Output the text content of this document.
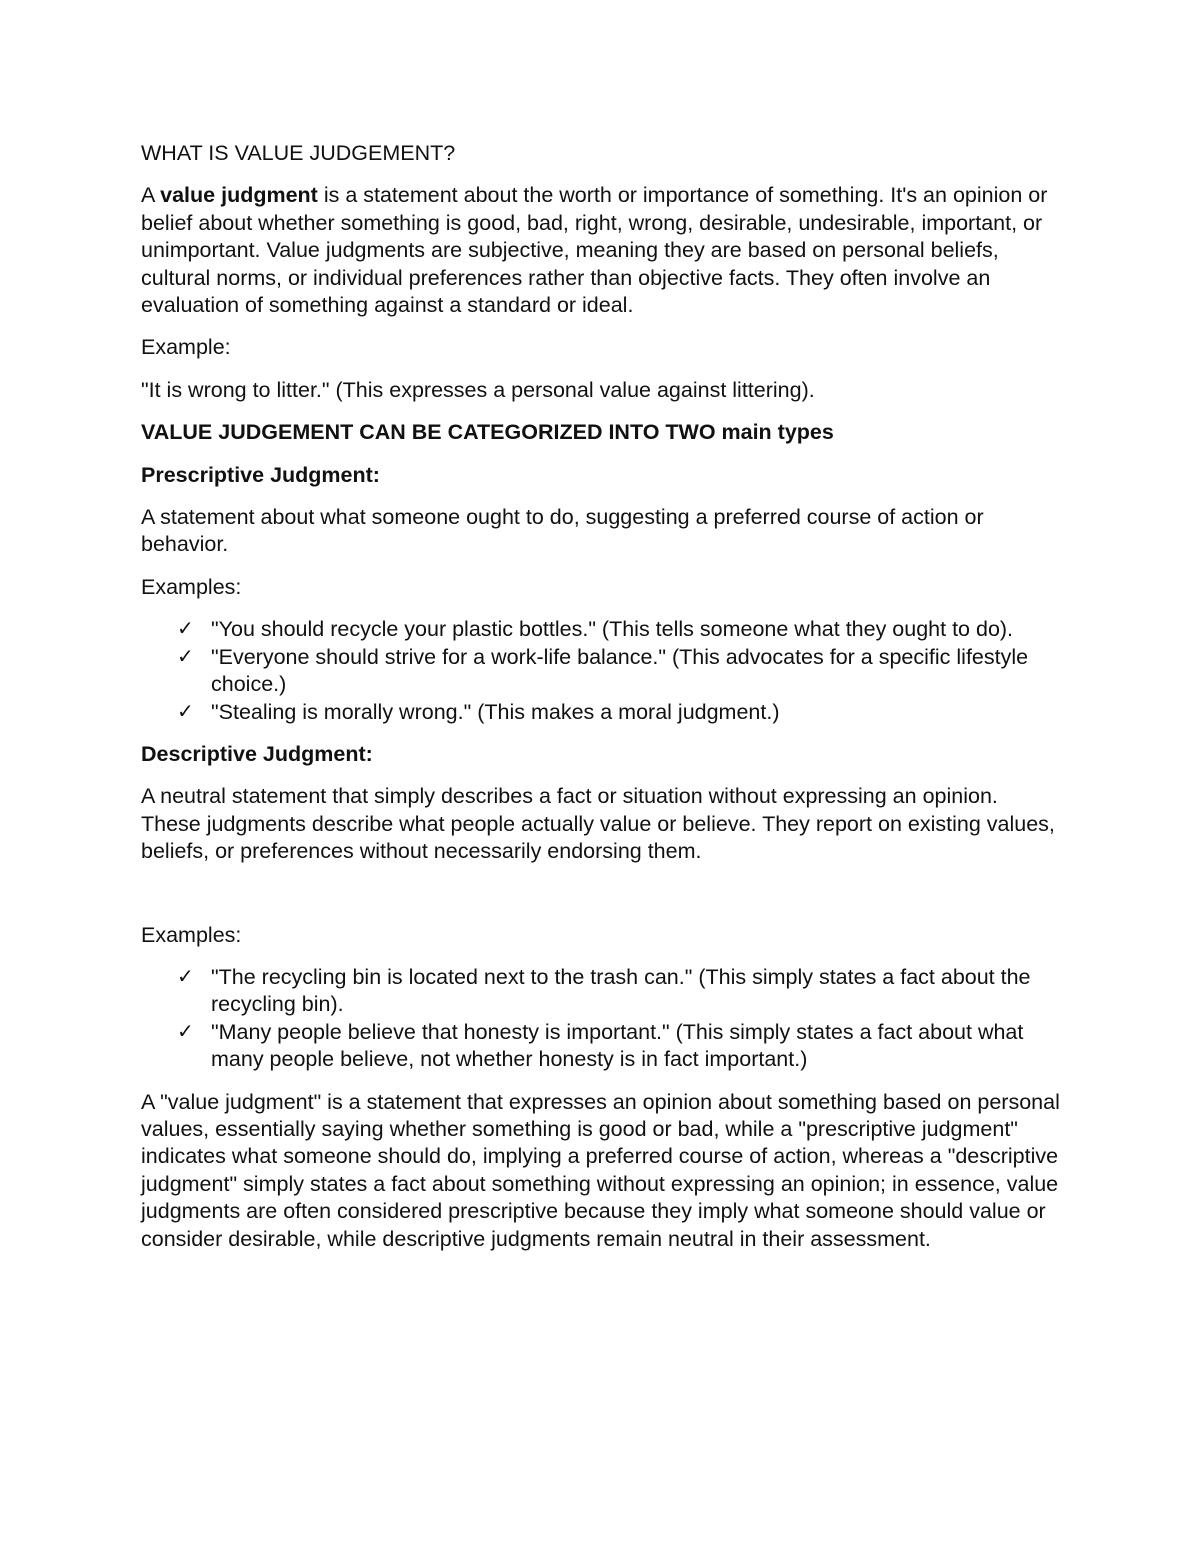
WHAT IS VALUE JUDGEMENT?

A value judgment is a statement about the worth or importance of something. It's an opinion or belief about whether something is good, bad, right, wrong, desirable, undesirable, important, or unimportant. Value judgments are subjective, meaning they are based on personal beliefs, cultural norms, or individual preferences rather than objective facts. They often involve an evaluation of something against a standard or ideal.

Example:

"It is wrong to litter." (This expresses a personal value against littering).

VALUE JUDGEMENT CAN BE CATEGORIZED INTO TWO main types
Prescriptive Judgment:

A statement about what someone ought to do, suggesting a preferred course of action or behavior.

Examples:

✓ "You should recycle your plastic bottles." (This tells someone what they ought to do).
✓ "Everyone should strive for a work-life balance." (This advocates for a specific lifestyle choice.)
✓ "Stealing is morally wrong." (This makes a moral judgment.)
Descriptive Judgment:

A neutral statement that simply describes a fact or situation without expressing an opinion. These judgments describe what people actually value or believe. They report on existing values, beliefs, or preferences without necessarily endorsing them.

Examples:

✓ "The recycling bin is located next to the trash can." (This simply states a fact about the recycling bin).
✓ "Many people believe that honesty is important." (This simply states a fact about what many people believe, not whether honesty is in fact important.)

A "value judgment" is a statement that expresses an opinion about something based on personal values, essentially saying whether something is good or bad, while a "prescriptive judgment" indicates what someone should do, implying a preferred course of action, whereas a "descriptive judgment" simply states a fact about something without expressing an opinion; in essence, value judgments are often considered prescriptive because they imply what someone should value or consider desirable, while descriptive judgments remain neutral in their assessment.
